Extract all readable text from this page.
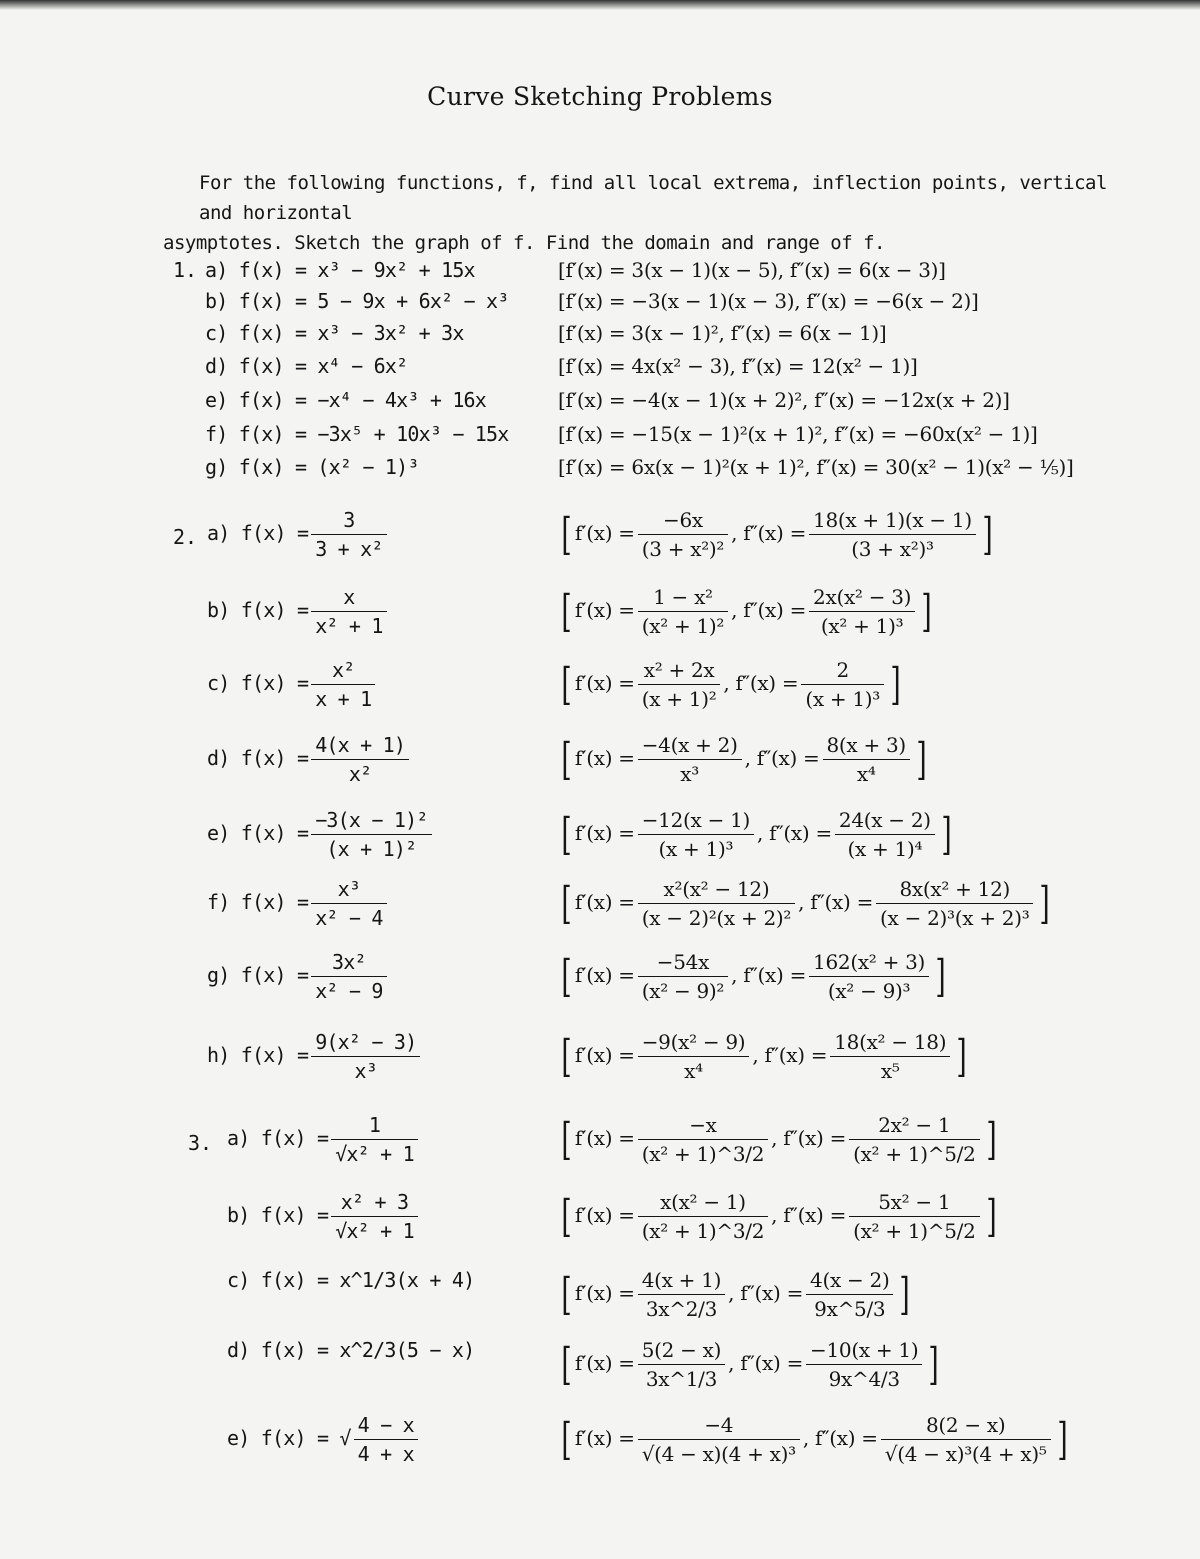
Curve Sketching Problems
For the following functions, f, find all local extrema, inflection points, vertical and horizontal
asymptotes. Sketch the graph of f. Find the domain and range of f.
1. a) f(x) = x³ − 9x² + 15x	[f′(x) = 3(x − 1)(x − 5), f″(x) = 6(x − 3)]
b) f(x) = 5 − 9x + 6x² − x³ [f′(x) = −3(x − 1)(x − 3), f″(x) = −6(x − 2)]
c) f(x) = x³ − 3x² + 3x	[f′(x) = 3(x − 1)², f″(x) = 6(x − 1)]
d) f(x) = x⁴ − 6x²	[f′(x) = 4x(x² − 3), f″(x) = 12(x² − 1)]
e) f(x) = −x⁴ − 4x³ + 16x	[f′(x) = −4(x − 1)(x + 2)², f″(x) = −12x(x + 2)]
f) f(x) = −3x⁵ + 10x³ − 15x [f′(x) = −15(x − 1)²(x + 1)², f″(x) = −60x(x² − 1)]
g) f(x) = (x² − 1)³	[f′(x) = 6x(x − 1)²(x + 1)², f″(x) = 30(x² − 1)(x² − ⅕)]
2. a) $f(x) = \frac{3}{\text{3 + x²}}$	[ $f'(x) = \frac{-6x}{\text{(3 + x²)²}}$ , $f''(x) = \frac{18(x + 1)(x - 1)}{\text{(3 + x²)³}}$ ]
b) $f(x) = \frac{x}{\text{x² + 1}}$	[ $f'(x) = \frac{\text{1 − x²}}{\text{(x² + 1)²}}$ , $f''(x) = \frac{\text{2x(x² − 3)}}{\text{(x² + 1)³}}$ ]
c) $f(x) = \frac{\text{x²}}{x + 1}$	[ $f'(x) = \frac{\text{x² + 2x}}{\text{(x + 1)²}}$ , $f''(x) = \frac{2}{\text{(x + 1)³}}$ ]
d) $f(x) = \frac{4(x + 1)}{\text{x²}}$	[ $f'(x) = \frac{-4(x + 2)}{\text{x³}}$ , $f''(x) = \frac{8(x + 3)}{\text{x⁴}}$ ]
e) $f(x) = \frac{\text{−3(x − 1)²}}{\text{(x + 1)²}}$	[ $f'(x) = \frac{-12(x - 1)}{\text{(x + 1)³}}$ , $f''(x) = \frac{24(x - 2)}{\text{(x + 1)⁴}}$ ]
f) $f(x) = \frac{\text{x³}}{\text{x² − 4}}$	[ $f'(x) = \frac{\text{x²(x² − 12)}}{\text{(x − 2)²(x + 2)²}}$ , $f''(x) = \frac{\text{8x(x² + 12)}}{\text{(x − 2)³(x + 2)³}}$ ]
g) $f(x) = \frac{\text{3x²}}{\text{x² − 9}}$	[ $f'(x) = \frac{-54x}{\text{(x² − 9)²}}$ , $f''(x) = \frac{\text{162(x² + 3)}}{\text{(x² − 9)³}}$ ]
h) $f(x) = \frac{\text{9(x² − 3)}}{\text{x³}}$	[ $f'(x) = \frac{\text{−9(x² − 9)}}{\text{x⁴}}$ , $f''(x) = \frac{\text{18(x² − 18)}}{\text{x⁵}}$ ]
3. a) $f(x) = \frac{1}{\text{√x² + 1}}$	[ $f'(x) = \frac{-x}{\text{(x² + 1)\textasciicircum{}3/2}}$ , $f''(x) = \frac{\text{2x² − 1}}{\text{(x² + 1)\textasciicircum{}5/2}}$ ]
b) $f(x) = \frac{\text{x² + 3}}{\text{√x² + 1}}$	[ $f'(x) = \frac{\text{x(x² − 1)}}{\text{(x² + 1)\textasciicircum{}3/2}}$ , $f''(x) = \frac{\text{5x² − 1}}{\text{(x² + 1)\textasciicircum{}5/2}}$ ]
c) f(x) = x^1/3(x + 4) [ $f'(x) = \frac{4(x + 1)}{3x\^{}2/3}$ , $f''(x) = \frac{4(x - 2)}{9x\^{}5/3}$ ]
d) f(x) = x^2/3(5 − x) [ $f'(x) = \frac{5(2 - x)}{3x\^{}1/3}$ , $f''(x) = \frac{-10(x + 1)}{9x\^{}4/3}$ ]
e) f(x) = √ $\frac{4 - x}{4 + x}$	[ $f'(x) = \frac{-4}{\text{√(4 − x)(4 + x)³}}$ , $f''(x) = \frac{8(2 - x)}{\text{√(4 − x)³(4 + x)⁵}}$ ]
